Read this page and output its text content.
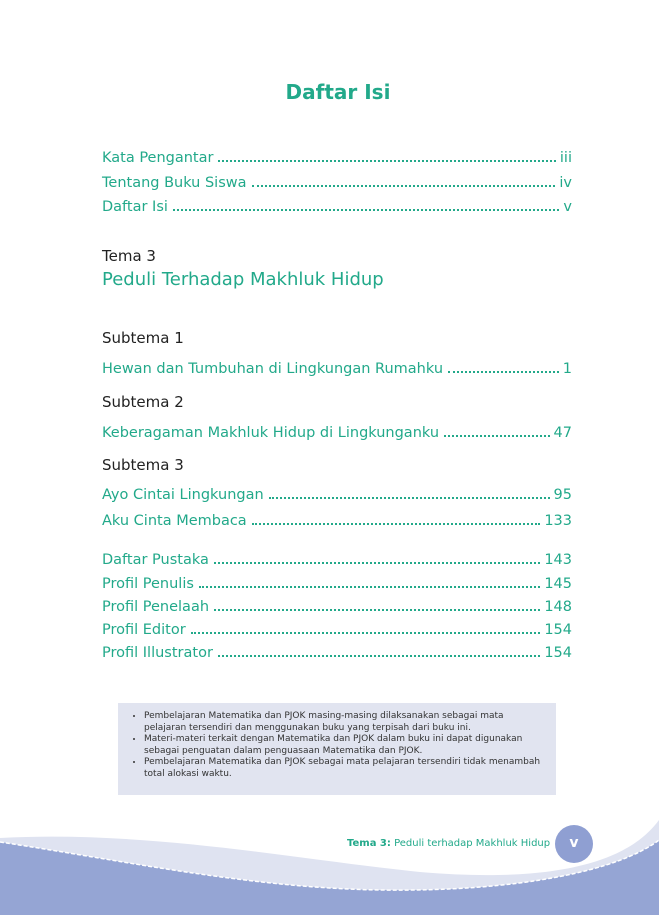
Daftar Isi
Kata Pengantar	iii
Tentang Buku Siswa	iv
Daftar Isi	v
Tema 3
Peduli Terhadap Makhluk Hidup
Subtema 1
Hewan dan Tumbuhan di Lingkungan Rumahku	1
Subtema 2
Keberagaman Makhluk Hidup di Lingkunganku	47
Subtema 3
Ayo Cintai Lingkungan	95
Aku Cinta Membaca	133
Daftar Pustaka	143
Profil Penulis	145
Profil Penelaah	148
Profil Editor	154
Profil Illustrator	154
• Pembelajaran Matematika dan PJOK masing-masing dilaksanakan sebagai mata pelajaran tersendiri dan menggunakan buku yang terpisah dari buku ini.
• Materi-materi terkait dengan Matematika dan PJOK dalam buku ini dapat digunakan sebagai penguatan dalam penguasaan Matematika dan PJOK.
• Pembelajaran Matematika dan PJOK sebagai mata pelajaran tersendiri tidak menambah total alokasi waktu.
Tema 3: Peduli terhadap Makhluk Hidup	v
